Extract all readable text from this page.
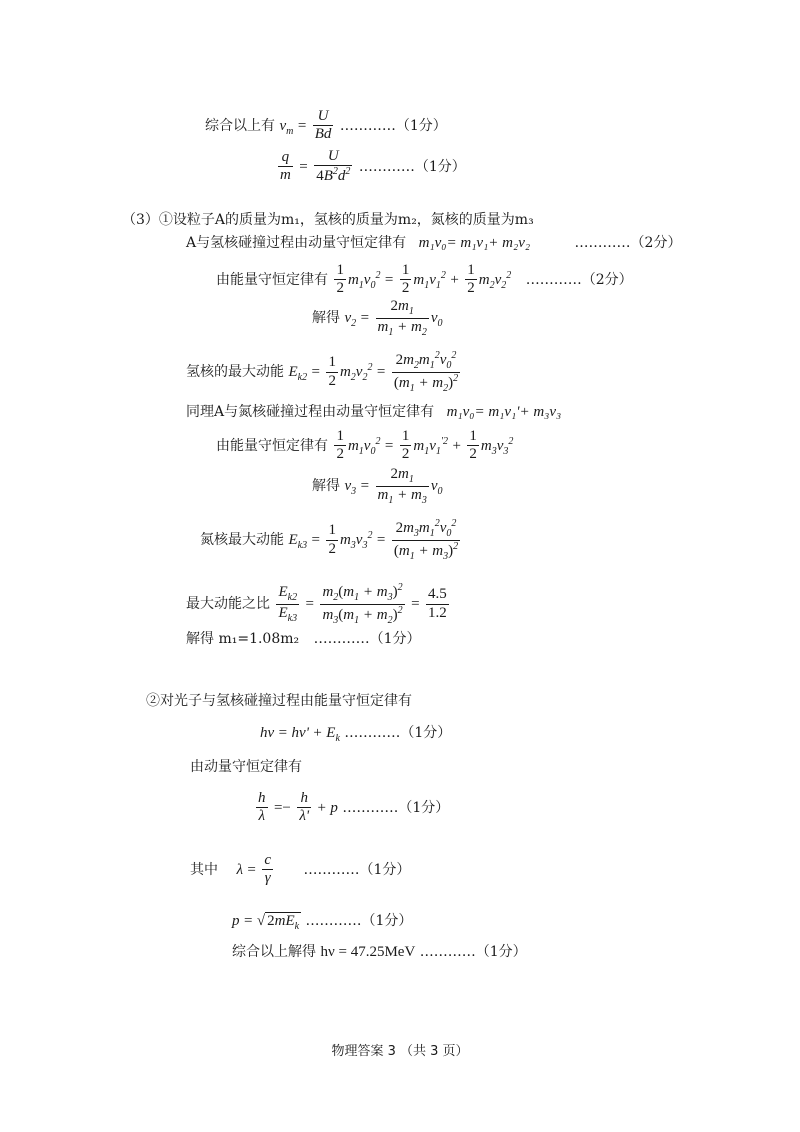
综合以上有 $v_m = \frac{U}{Bd}$ …………（1分）
$\frac{q}{m} = \frac{U}{4B^2d^2}$ …………（1分）
（3）①设粒子A的质量为m₁，氢核的质量为m₂，氮核的质量为m₃
A与氢核碰撞过程由动量守恒定律有 m₁v₀= m₁v₁+ m₂v₂	…………（2分）
由能量守恒定律有 $\frac{1}{2} m_1v_0^2 = \frac{1}{2} m_1v_1^2 + \frac{1}{2} m_2v_2^2$ …………（2分）
解得 $v_2 = \frac{2m_1}{m_1 + m_2} v_0$
氢核的最大动能 $E_{k2} = \frac{1}{2} m_2v_2^2 = \frac{2m_2m_1^2v_0^2}{(m_1 + m_2)^2}$
同理A与氮核碰撞过程由动量守恒定律有 m₁v₀= m₁v₁'+ m₃v₃
由能量守恒定律有 $\frac{1}{2} m_1v_0^2 = \frac{1}{2} m_1v_1^{'2} + \frac{1}{2} m_3v_3^2$
解得 $v_3 = \frac{2m_1}{m_1 + m_3} v_0$
氮核最大动能 $E_{k3} = \frac{1}{2} m_3v_3^2 = \frac{2m_3m_1^2v_0^2}{(m_1 + m_3)^2}$
最大动能之比 $\frac{E_{k2}}{E_{k3}} = \frac{m_2(m_1 + m_3)^2}{m_3(m_1 + m_2)^2} = \frac{4.5}{1.2}$
解得 m₁=1.08m₂ …………（1分）
②对光子与氢核碰撞过程由能量守恒定律有
$h\nu = h\nu' + E_k$ …………（1分）
由动量守恒定律有
$\frac{h}{\lambda} =- \frac{h}{\lambda'} + p$ …………（1分）
其中 $\lambda = \frac{c}{\gamma}$ …………（1分）
p = √ $2mE_k$ …………（1分）
综合以上解得 hν = 47.25MeV …………（1分）
物理答案 3 （共 3 页）
